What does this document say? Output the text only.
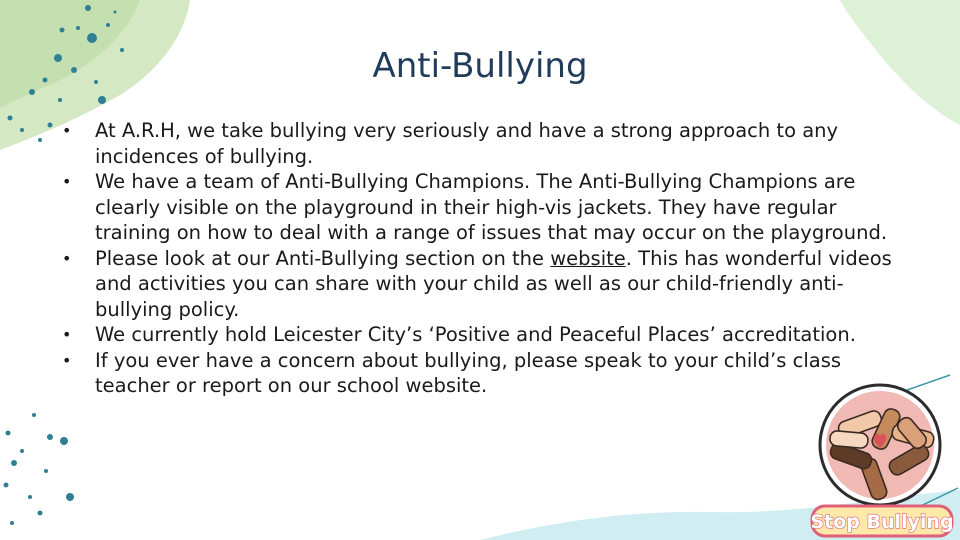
Anti-Bullying
• At A.R.H, we take bullying very seriously and have a strong approach to any incidences of bullying.
• We have a team of Anti-Bullying Champions. The Anti-Bullying Champions are clearly visible on the playground in their high-vis jackets. They have regular training on how to deal with a range of issues that may occur on the playground.
• Please look at our Anti-Bullying section on the website. This has wonderful videos and activities you can share with your child as well as our child-friendly anti-bullying policy.
• We currently hold Leicester City’s ‘Positive and Peaceful Places’ accreditation.
• If you ever have a concern about bullying, please speak to your child’s class teacher or report on our school website.
Stop Bullying
